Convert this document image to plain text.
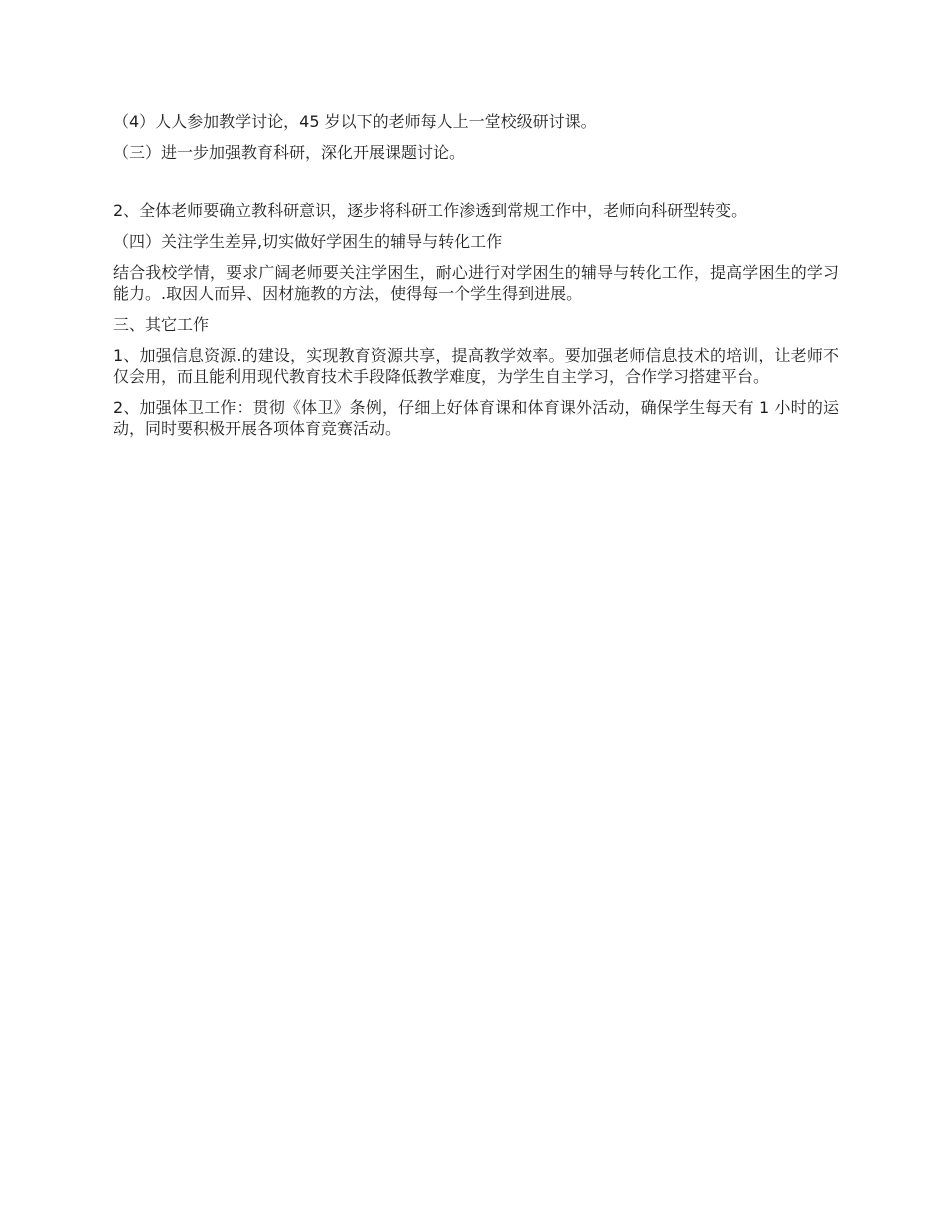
（4）人人参加教学讨论，45 岁以下的老师每人上一堂校级研讨课。

（三）进一步加强教育科研，深化开展课题讨论。

2、全体老师要确立教科研意识，逐步将科研工作渗透到常规工作中，老师向科研型转变。

（四）关注学生差异,切实做好学困生的辅导与转化工作

结合我校学情，要求广阔老师要关注学困生，耐心进行对学困生的辅导与转化工作，提高学困生的学习能力。.取因人而异、因材施教的方法，使得每一个学生得到进展。

三、其它工作

1、加强信息资源.的建设，实现教育资源共享，提高教学效率。要加强老师信息技术的培训，让老师不仅会用，而且能利用现代教育技术手段降低教学难度，为学生自主学习，合作学习搭建平台。

2、加强体卫工作：贯彻《体卫》条例，仔细上好体育课和体育课外活动，确保学生每天有 1 小时的运动，同时要积极开展各项体育竞赛活动。
